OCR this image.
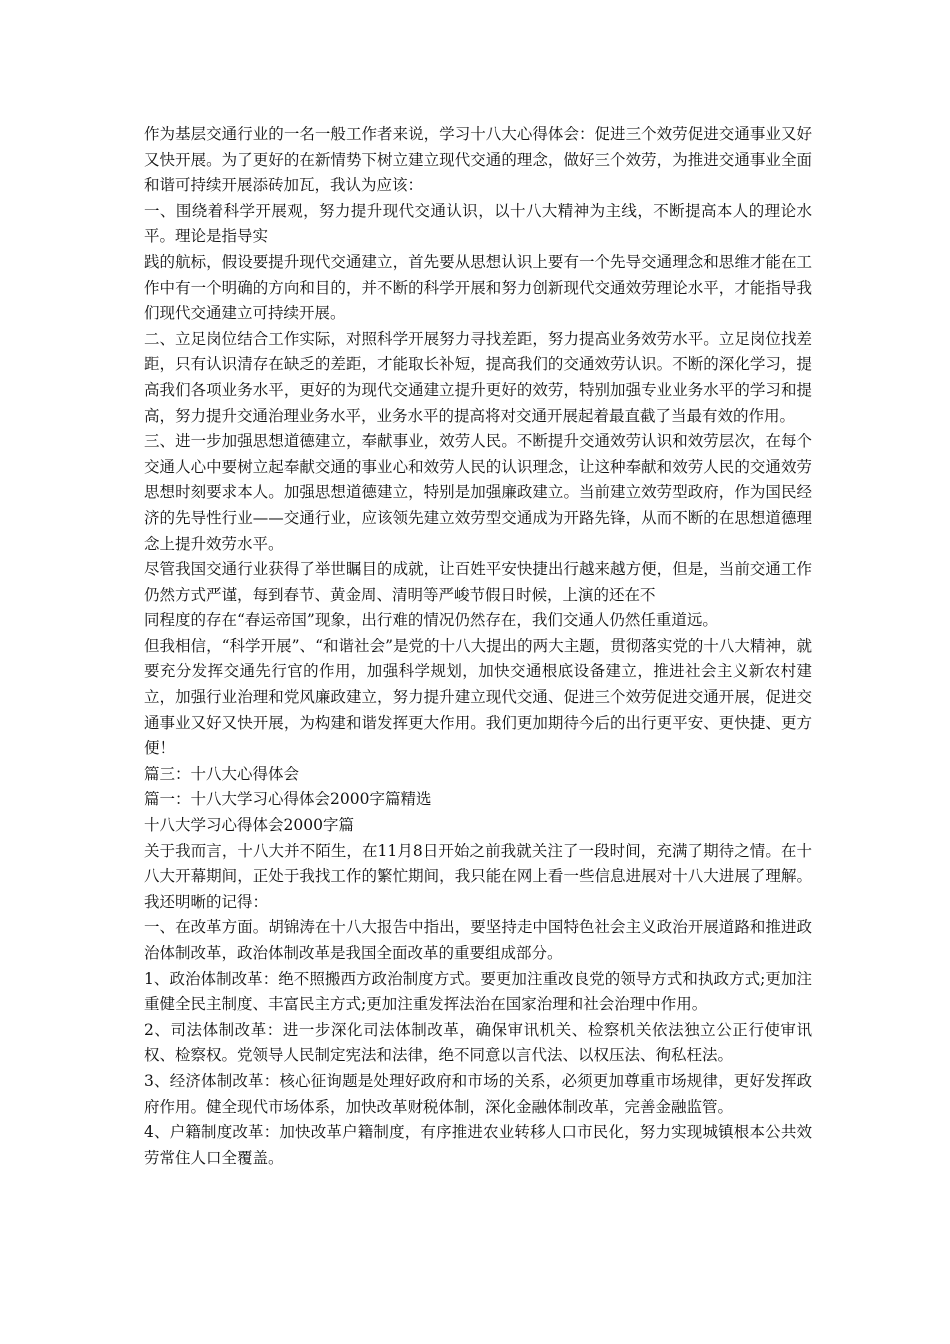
作为基层交通行业的一名一般工作者来说，学习十八大心得体会：促进三个效劳促进交通事业又好又快开展。为了更好的在新情势下树立建立现代交通的理念，做好三个效劳，为推进交通事业全面和谐可持续开展添砖加瓦，我认为应该：

一、围绕着科学开展观，努力提升现代交通认识，以十八大精神为主线，不断提高本人的理论水平。理论是指导实

践的航标，假设要提升现代交通建立，首先要从思想认识上要有一个先导交通理念和思维才能在工作中有一个明确的方向和目的，并不断的科学开展和努力创新现代交通效劳理论水平，才能指导我们现代交通建立可持续开展。

二、立足岗位结合工作实际，对照科学开展努力寻找差距，努力提高业务效劳水平。立足岗位找差距，只有认识清存在缺乏的差距，才能取长补短，提高我们的交通效劳认识。不断的深化学习，提高我们各项业务水平，更好的为现代交通建立提升更好的效劳，特别加强专业业务水平的学习和提高，努力提升交通治理业务水平，业务水平的提高将对交通开展起着最直截了当最有效的作用。

三、进一步加强思想道德建立，奉献事业，效劳人民。不断提升交通效劳认识和效劳层次，在每个交通人心中要树立起奉献交通的事业心和效劳人民的认识理念，让这种奉献和效劳人民的交通效劳思想时刻要求本人。加强思想道德建立，特别是加强廉政建立。当前建立效劳型政府，作为国民经济的先导性行业——交通行业，应该领先建立效劳型交通成为开路先锋，从而不断的在思想道德理念上提升效劳水平。

尽管我国交通行业获得了举世瞩目的成就，让百姓平安快捷出行越来越方便，但是，当前交通工作仍然方式严谨，每到春节、黄金周、清明等严峻节假日时候，上演的还在不

同程度的存在“春运帝国”现象，出行难的情况仍然存在，我们交通人仍然任重道远。

但我相信，“科学开展”、“和谐社会”是党的十八大提出的两大主题，贯彻落实党的十八大精神，就要充分发挥交通先行官的作用，加强科学规划，加快交通根底设备建立，推进社会主义新农村建立，加强行业治理和党风廉政建立，努力提升建立现代交通、促进三个效劳促进交通开展，促进交通事业又好又快开展，为构建和谐发挥更大作用。我们更加期待今后的出行更平安、更快捷、更方便！

篇三：十八大心得体会

篇一：十八大学习心得体会2000字篇精选

十八大学习心得体会2000字篇

关于我而言，十八大并不陌生，在11月8日开始之前我就关注了一段时间，充满了期待之情。在十八大开幕期间，正处于我找工作的繁忙期间，我只能在网上看一些信息进展对十八大进展了理解。我还明晰的记得：

一、在改革方面。胡锦涛在十八大报告中指出，要坚持走中国特色社会主义政治开展道路和推进政治体制改革，政治体制改革是我国全面改革的重要组成部分。

1、政治体制改革：绝不照搬西方政治制度方式。要更加注重改良党的领导方式和执政方式;更加注重健全民主制度、丰富民主方式;更加注重发挥法治在国家治理和社会治理中作用。

2、司法体制改革：进一步深化司法体制改革，确保审讯机关、检察机关依法独立公正行使审讯权、检察权。党领导人民制定宪法和法律，绝不同意以言代法、以权压法、徇私枉法。

3、经济体制改革：核心征询题是处理好政府和市场的关系，必须更加尊重市场规律，更好发挥政府作用。健全现代市场体系，加快改革财税体制，深化金融体制改革，完善金融监管。

4、户籍制度改革：加快改革户籍制度，有序推进农业转移人口市民化，努力实现城镇根本公共效劳常住人口全覆盖。
